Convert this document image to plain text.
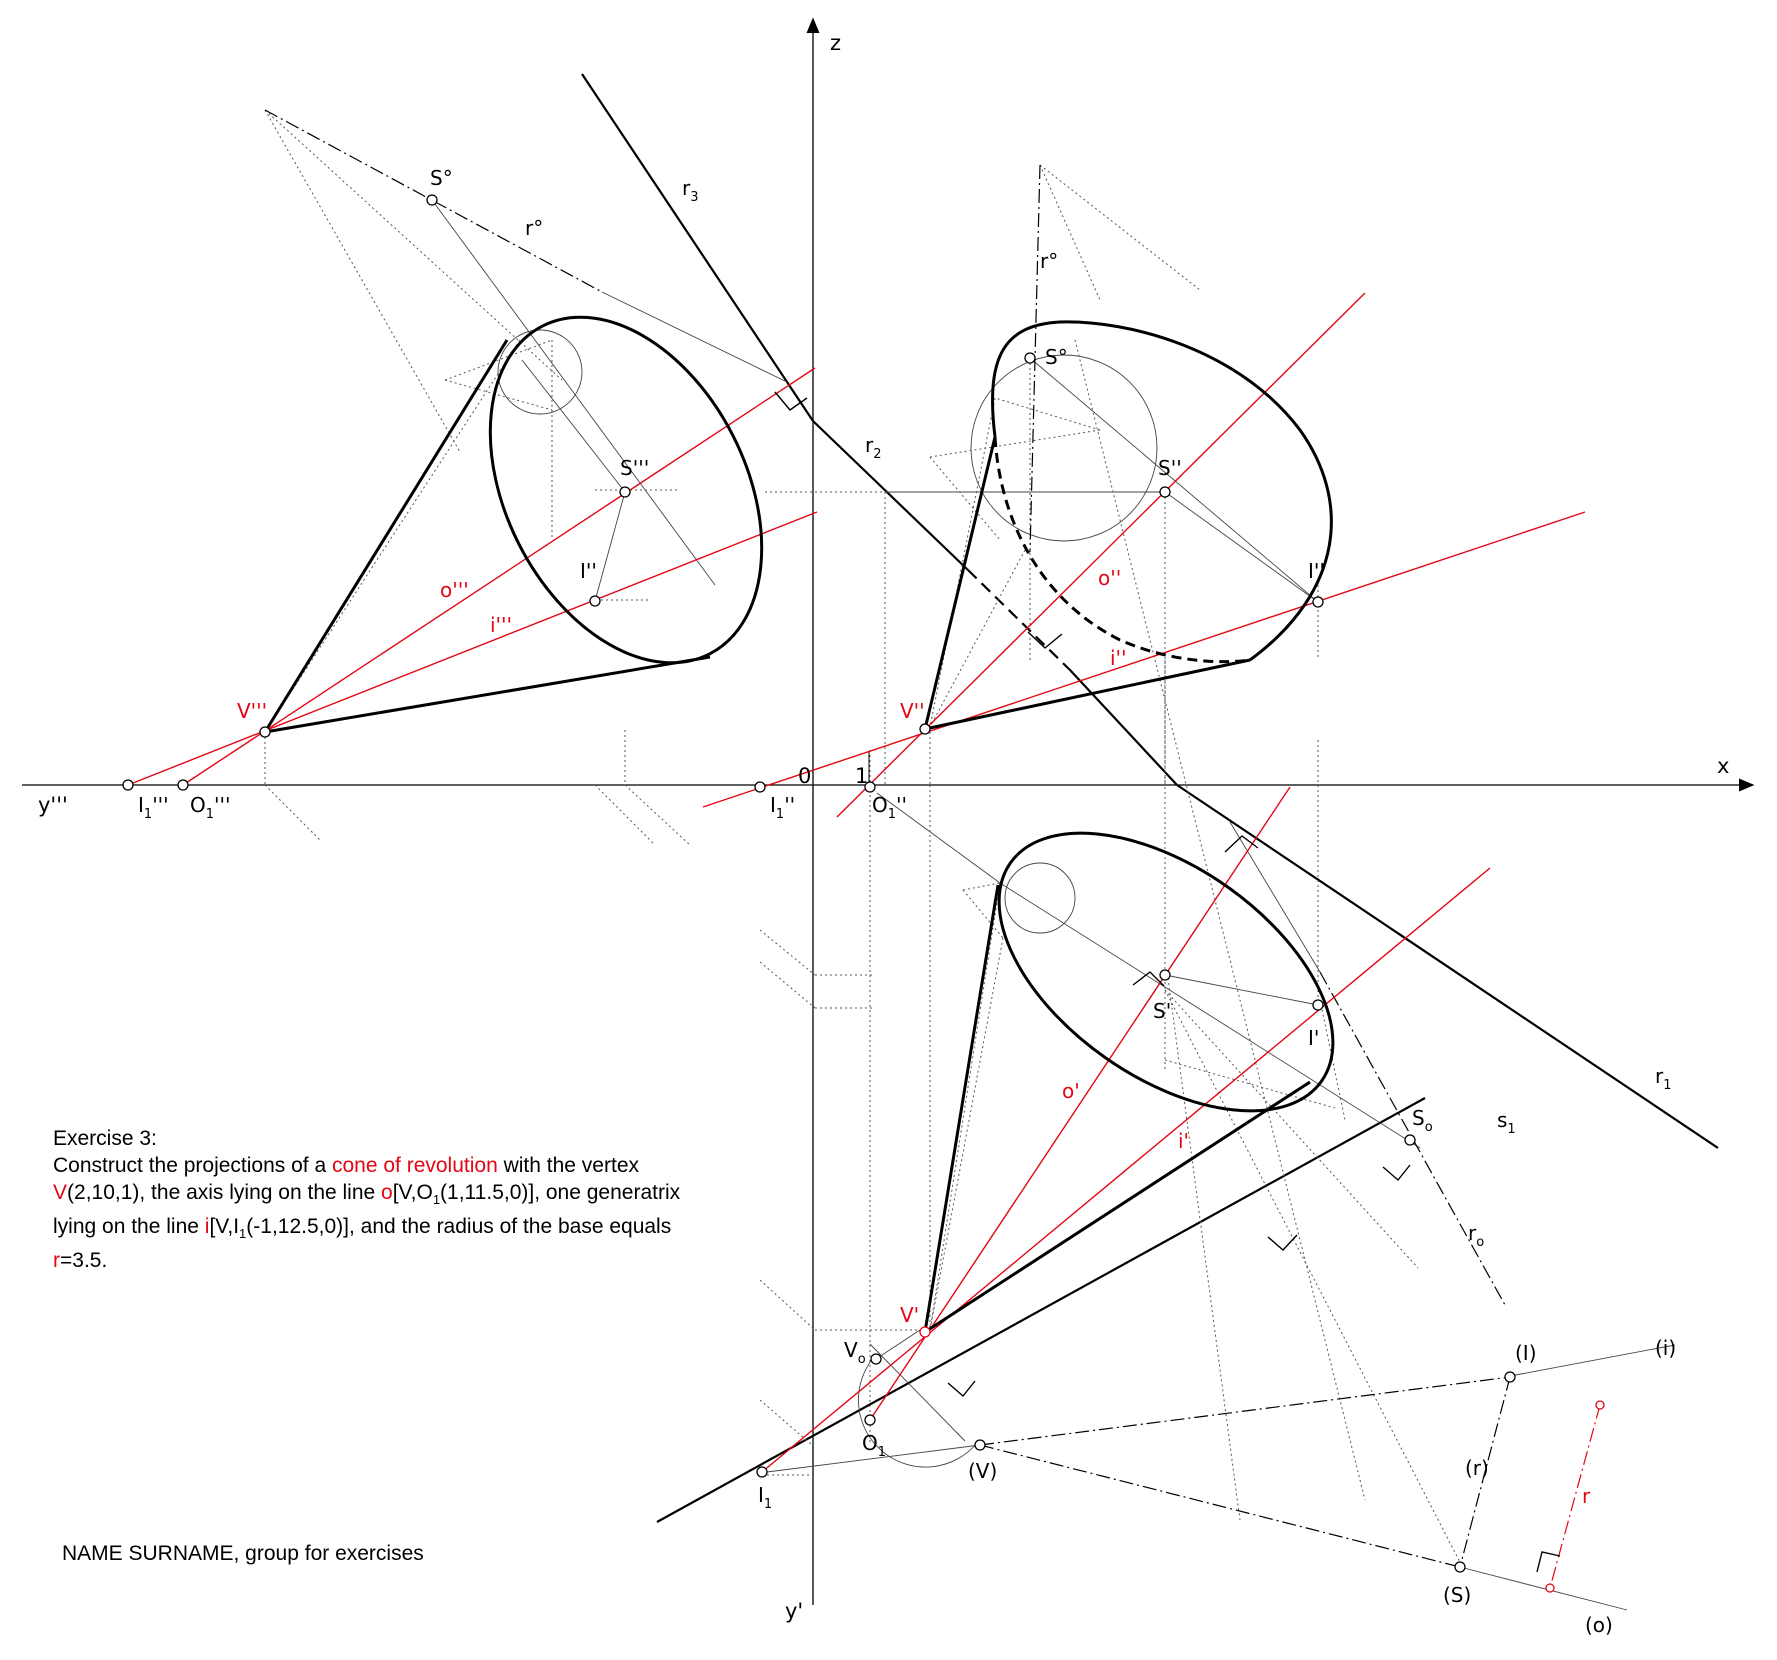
z
x
y'''
y'
0 1
$r_3$
$r_2$
$r_1$
$s_1$
S°
r°
S'''
I''
o'''
i'''
V'''
$I_1'''$ $O_1'''$
r°
S°
S''
I''
o''
i''
V''
$I_1''$	$O_1''$
S'
I'
o'
i'
$S_o$
$r_o$
V'
$V_o$
$O_1$
$I_1$
(I)	(i)
(V)	(r)
r
(S)
(o)
Exercise 3:
Construct the projections of a cone of revolution with the vertex
V(2,10,1), the axis lying on the line $o[V,O_1(1,11.5,0)]$, one generatrix
lying on the line $i[V,I_1(-1,12.5,0)]$, and the radius of the base equals
r=3.5.
NAME SURNAME, group for exercises
